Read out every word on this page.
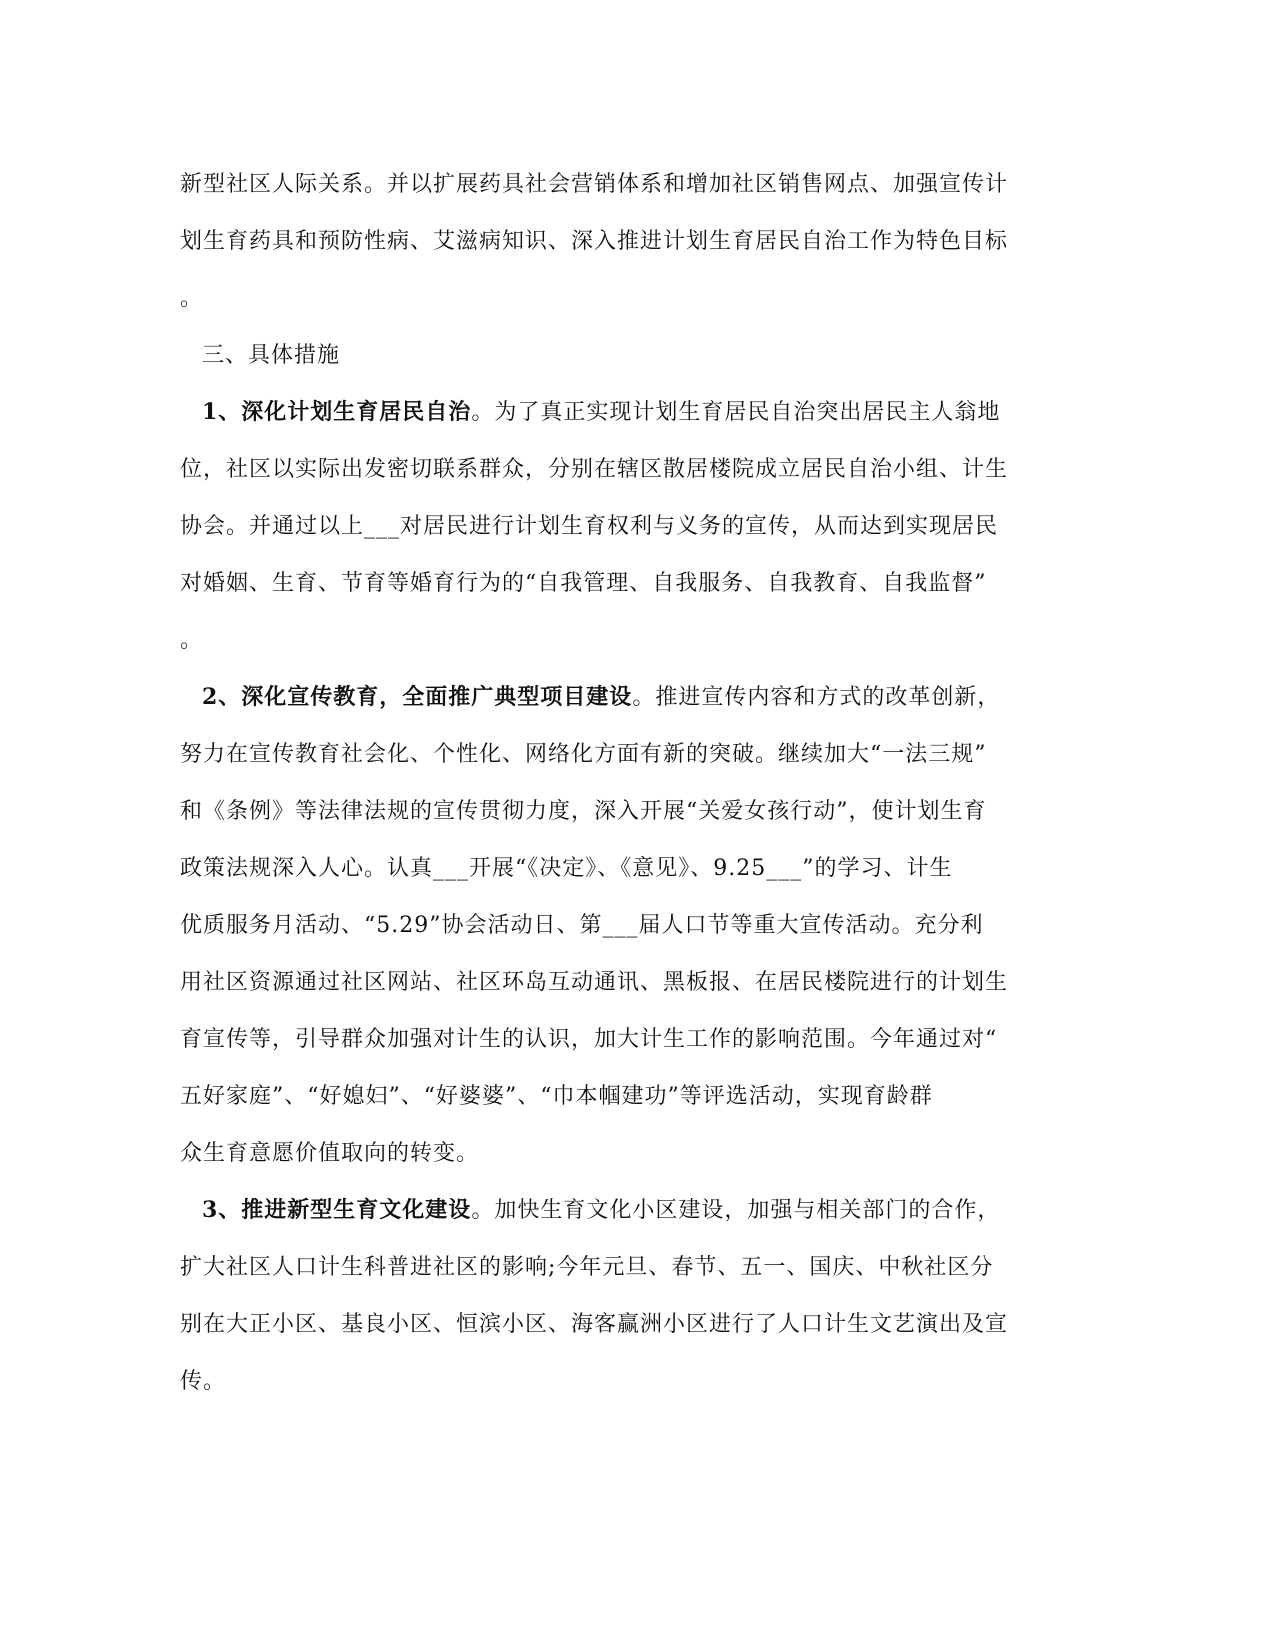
新型社区人际关系。并以扩展药具社会营销体系和增加社区销售网点、加强宣传计
划生育药具和预防性病、艾滋病知识、深入推进计划生育居民自治工作为特色目标
。
三、具体措施
1、深化计划生育居民自治。为了真正实现计划生育居民自治突出居民主人翁地
位，社区以实际出发密切联系群众，分别在辖区散居楼院成立居民自治小组、计生
协会。并通过以上___对居民进行计划生育权利与义务的宣传，从而达到实现居民
对婚姻、生育、节育等婚育行为的“自我管理、自我服务、自我教育、自我监督”
。
2、深化宣传教育，全面推广典型项目建设。推进宣传内容和方式的改革创新，
努力在宣传教育社会化、个性化、网络化方面有新的突破。继续加大“一法三规”
和《条例》等法律法规的宣传贯彻力度，深入开展“关爱女孩行动”，使计划生育
政策法规深入人心。认真___开展“《决定》、《意见》、9.25___”的学习、计生
优质服务月活动、“5.29”协会活动日、第___届人口节等重大宣传活动。充分利
用社区资源通过社区网站、社区环岛互动通讯、黑板报、在居民楼院进行的计划生
育宣传等，引导群众加强对计生的认识，加大计生工作的影响范围。今年通过对“
五好家庭”、“好媳妇”、“好婆婆”、“巾本帼建功”等评选活动，实现育龄群
众生育意愿价值取向的转变。
3、推进新型生育文化建设。加快生育文化小区建设，加强与相关部门的合作，
扩大社区人口计生科普进社区的影响;今年元旦、春节、五一、国庆、中秋社区分
别在大正小区、基良小区、恒滨小区、海客赢洲小区进行了人口计生文艺演出及宣
传。
